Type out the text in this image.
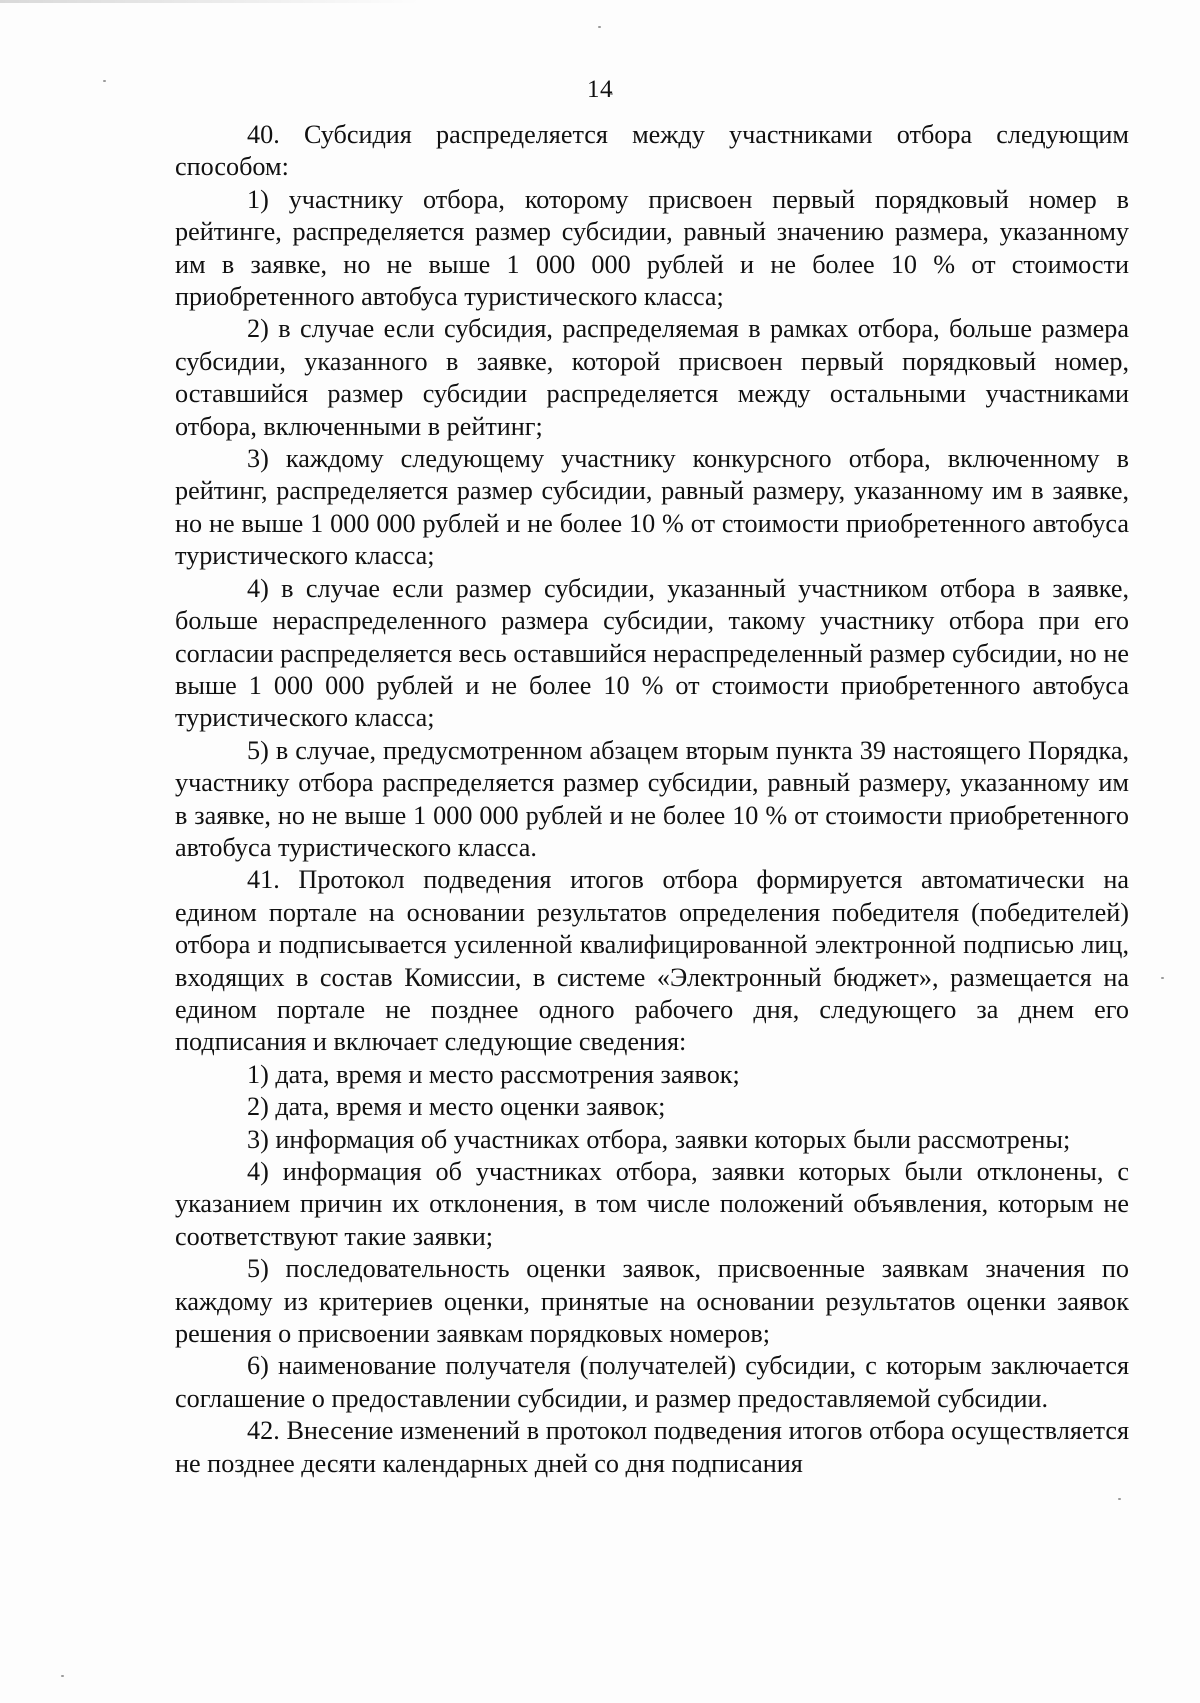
14

40. Субсидия распределяется между участниками отбора следующим способом:

1) участнику отбора, которому присвоен первый порядковый номер в рейтинге, распределяется размер субсидии, равный значению размера, указанному им в заявке, но не выше 1 000 000 рублей и не более 10 % от стоимости приобретенного автобуса туристического класса;

2) в случае если субсидия, распределяемая в рамках отбора, больше размера субсидии, указанного в заявке, которой присвоен первый порядковый номер, оставшийся размер субсидии распределяется между остальными участниками отбора, включенными в рейтинг;

3) каждому следующему участнику конкурсного отбора, включенному в рейтинг, распределяется размер субсидии, равный размеру, указанному им в заявке, но не выше 1 000 000 рублей и не более 10 % от стоимости приобретенного автобуса туристического класса;

4) в случае если размер субсидии, указанный участником отбора в заявке, больше нераспределенного размера субсидии, такому участнику отбора при его согласии распределяется весь оставшийся нераспределенный размер субсидии, но не выше 1 000 000 рублей и не более 10 % от стоимости приобретенного автобуса туристического класса;

5) в случае, предусмотренном абзацем вторым пункта 39 настоящего Порядка, участнику отбора распределяется размер субсидии, равный размеру, указанному им в заявке, но не выше 1 000 000 рублей и не более 10 % от стоимости приобретенного автобуса туристического класса.

41. Протокол подведения итогов отбора формируется автоматически на едином портале на основании результатов определения победителя (победителей) отбора и подписывается усиленной квалифицированной электронной подписью лиц, входящих в состав Комиссии, в системе «Электронный бюджет», размещается на едином портале не позднее одного рабочего дня, следующего за днем его подписания и включает следующие сведения:

1) дата, время и место рассмотрения заявок;

2) дата, время и место оценки заявок;

3) информация об участниках отбора, заявки которых были рассмотрены;

4) информация об участниках отбора, заявки которых были отклонены, с указанием причин их отклонения, в том числе положений объявления, которым не соответствуют такие заявки;

5) последовательность оценки заявок, присвоенные заявкам значения по каждому из критериев оценки, принятые на основании результатов оценки заявок решения о присвоении заявкам порядковых номеров;

6) наименование получателя (получателей) субсидии, с которым заключается соглашение о предоставлении субсидии, и размер предоставляемой субсидии.

42. Внесение изменений в протокол подведения итогов отбора осуществляется не позднее десяти календарных дней со дня подписания
